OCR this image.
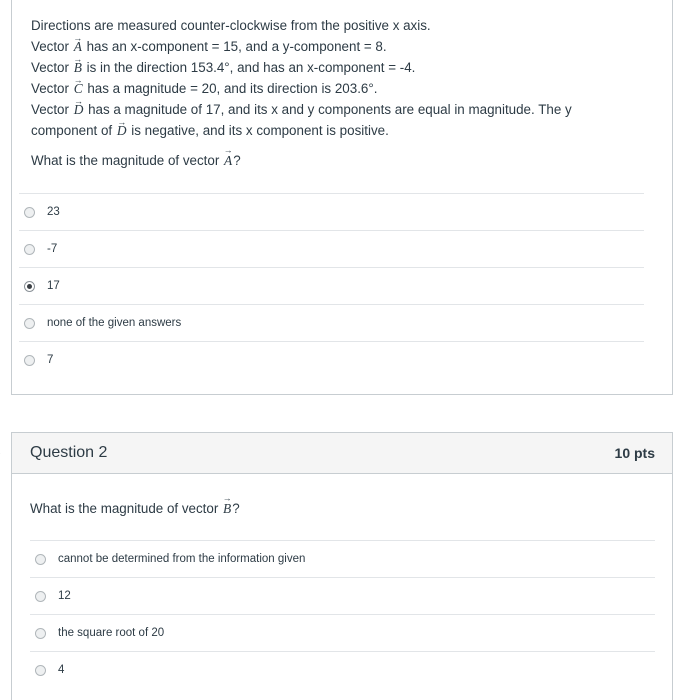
Directions are measured counter-clockwise from the positive x axis.
Vector → A has an x-component = 15, and a y-component = 8.
Vector → B is in the direction 153.4°, and has an x-component = -4.
Vector → C has a magnitude = 20, and its direction is 203.6°.
Vector → D has a magnitude of 17, and its x and y components are equal in magnitude. The y
component of → D is negative, and its x component is positive.
What is the magnitude of vector → A?
23
-7
17
none of the given answers
7
Question 2	10 pts
What is the magnitude of vector → B?
cannot be determined from the information given
12
the square root of 20
4
